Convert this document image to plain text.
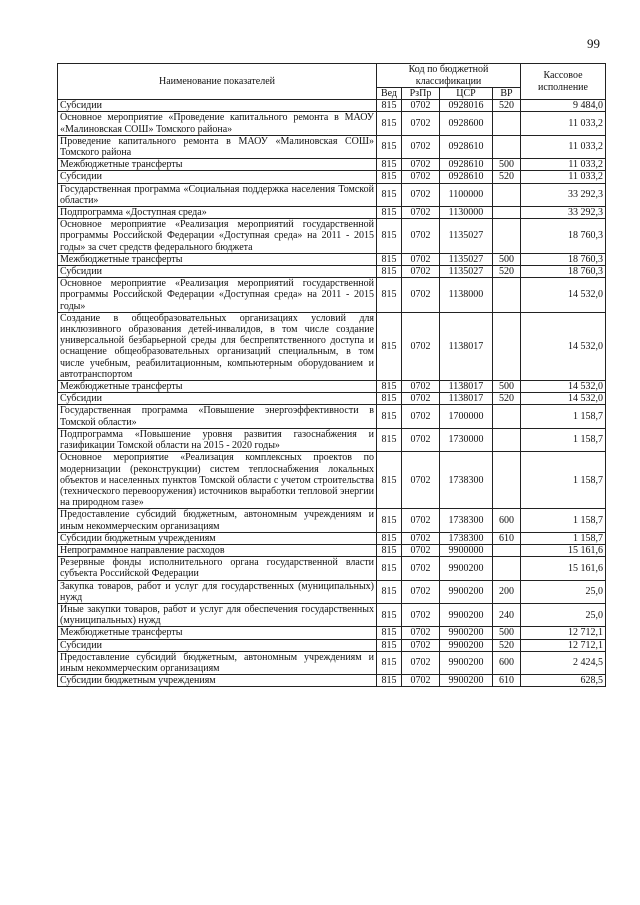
99
Наименование показателей	Код по бюджетной классификации				Кассовое исполнение
	Вед	РзПр	ЦСР	ВР	
Субсидии	815	0702	0928016	520	9 484,0
Основное мероприятие «Проведение капитального ремонта в МАОУ «Малиновская СОШ» Томского района»	815	0702	0928600		11 033,2
Проведение капитального ремонта в МАОУ «Малиновская СОШ» Томского района	815	0702	0928610		11 033,2
Межбюджетные трансферты	815	0702	0928610	500	11 033,2
Субсидии	815	0702	0928610	520	11 033,2
Государственная программа «Социальная поддержка населения Томской области»	815	0702	1100000		33 292,3
Подпрограмма «Доступная среда»	815	0702	1130000		33 292,3
Основное мероприятие «Реализация мероприятий государственной программы Российской Федерации «Доступная среда» на 2011 - 2015 годы» за счет средств федерального бюджета	815	0702	1135027		18 760,3
Межбюджетные трансферты	815	0702	1135027	500	18 760,3
Субсидии	815	0702	1135027	520	18 760,3
Основное мероприятие «Реализация мероприятий государственной программы Российской Федерации «Доступная среда» на 2011 - 2015 годы»	815	0702	1138000		14 532,0
Создание в общеобразовательных организациях условий для инклюзивного образования детей-инвалидов, в том числе создание универсальной безбарьерной среды для беспрепятственного доступа и оснащение общеобразовательных организаций специальным, в том числе учебным, реабилитационным, компьютерным оборудованием и автотранспортом	815	0702	1138017		14 532,0
Межбюджетные трансферты	815	0702	1138017	500	14 532,0
Субсидии	815	0702	1138017	520	14 532,0
Государственная программа «Повышение энергоэффективности в Томской области»	815	0702	1700000		1 158,7
Подпрограмма «Повышение уровня развития газоснабжения и газификации Томской области на 2015 - 2020 годы»	815	0702	1730000		1 158,7
Основное мероприятие «Реализация комплексных проектов по модернизации (реконструкции) систем теплоснабжения локальных объектов и населенных пунктов Томской области с учетом строительства (технического перевооружения) источников выработки тепловой энергии на природном газе»	815	0702	1738300		1 158,7
Предоставление субсидий бюджетным, автономным учреждениям и иным некоммерческим организациям	815	0702	1738300	600	1 158,7
Субсидии бюджетным учреждениям	815	0702	1738300	610	1 158,7
Непрограммное направление расходов	815	0702	9900000		15 161,6
Резервные фонды исполнительного органа государственной власти субъекта Российской Федерации	815	0702	9900200		15 161,6
Закупка товаров, работ и услуг для государственных (муниципальных) нужд	815	0702	9900200	200	25,0
Иные закупки товаров, работ и услуг для обеспечения государственных (муниципальных) нужд	815	0702	9900200	240	25,0
Межбюджетные трансферты	815	0702	9900200	500	12 712,1
Субсидии	815	0702	9900200	520	12 712,1
Предоставление субсидий бюджетным, автономным учреждениям и иным некоммерческим организациям	815	0702	9900200	600	2 424,5
Субсидии бюджетным учреждениям	815	0702	9900200	610	628,5
